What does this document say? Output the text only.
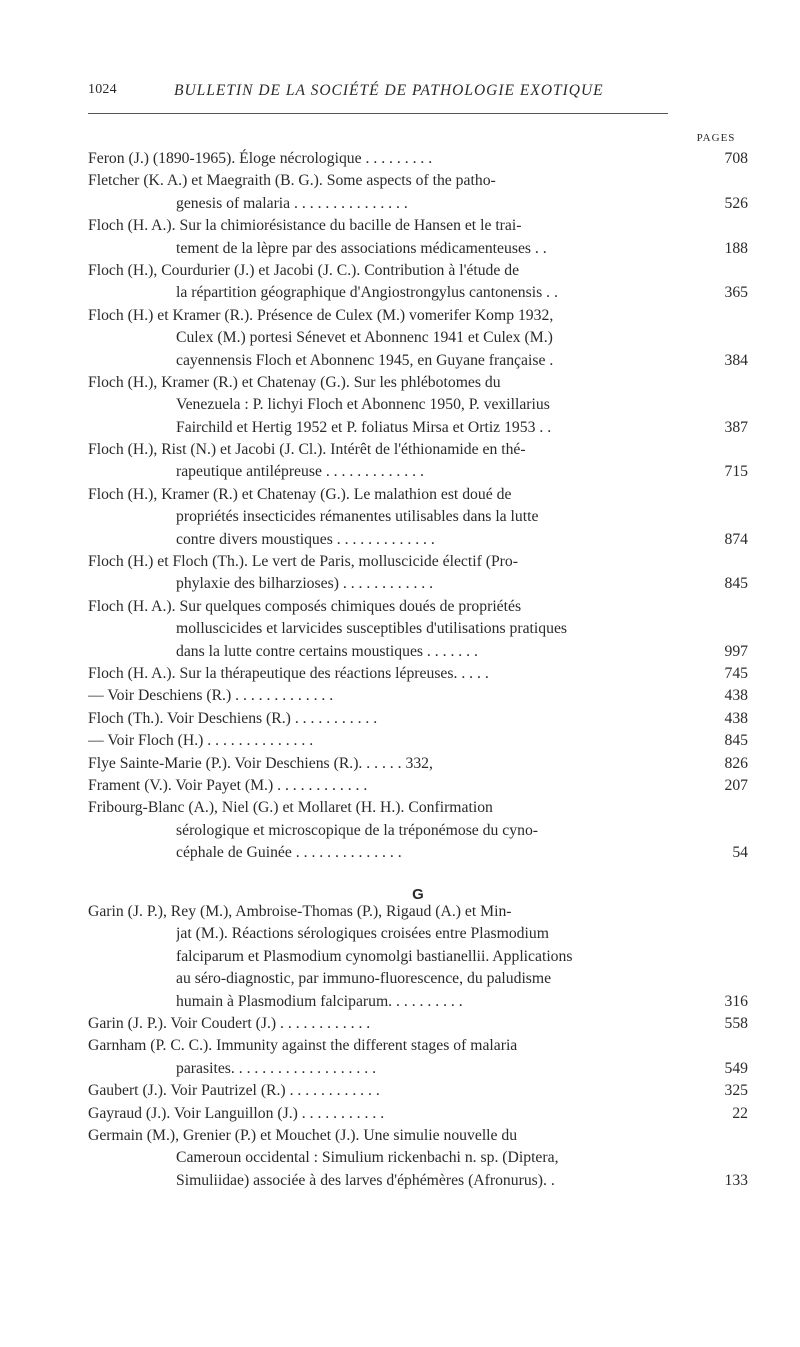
1024	BULLETIN DE LA SOCIÉTÉ DE PATHOLOGIE EXOTIQUE
PAGES
Feron (J.) (1890-1965). Éloge nécrologique . . . . . . . . .	708
Fletcher (K. A.) et Maegraith (B. G.). Some aspects of the patho-
genesis of malaria . . . . . . . . . . . . . . .	526
Floch (H. A.). Sur la chimiorésistance du bacille de Hansen et le trai-
tement de la lèpre par des associations médicamenteuses . .	188
Floch (H.), Courdurier (J.) et Jacobi (J. C.). Contribution à l'étude de
la répartition géographique d'Angiostrongylus cantonensis . .	365
Floch (H.) et Kramer (R.). Présence de Culex (M.) vomerifer Komp 1932,
Culex (M.) portesi Sénevet et Abonnenc 1941 et Culex (M.)
cayennensis Floch et Abonnenc 1945, en Guyane française .	384
Floch (H.), Kramer (R.) et Chatenay (G.). Sur les phlébotomes du
Venezuela : P. lichyi Floch et Abonnenc 1950, P. vexillarius
Fairchild et Hertig 1952 et P. foliatus Mirsa et Ortiz 1953 . .	387
Floch (H.), Rist (N.) et Jacobi (J. Cl.). Intérêt de l'éthionamide en thé-
rapeutique antilépreuse . . . . . . . . . . . . .	715
Floch (H.), Kramer (R.) et Chatenay (G.). Le malathion est doué de
propriétés insecticides rémanentes utilisables dans la lutte
contre divers moustiques . . . . . . . . . . . . .	874
Floch (H.) et Floch (Th.). Le vert de Paris, molluscicide électif (Pro-
phylaxie des bilharzioses) . . . . . . . . . . . .	845
Floch (H. A.). Sur quelques composés chimiques doués de propriétés
molluscicides et larvicides susceptibles d'utilisations pratiques
dans la lutte contre certains moustiques . . . . . . .	997
Floch (H. A.). Sur la thérapeutique des réactions lépreuses. . . . .	745
— Voir Deschiens (R.) . . . . . . . . . . . . .	438
Floch (Th.). Voir Deschiens (R.) . . . . . . . . . . .	438
— Voir Floch (H.) . . . . . . . . . . . . . .	845
Flye Sainte-Marie (P.). Voir Deschiens (R.). . . . . . 332,	826
Frament (V.). Voir Payet (M.) . . . . . . . . . . . .	207
Fribourg-Blanc (A.), Niel (G.) et Mollaret (H. H.). Confirmation
sérologique et microscopique de la tréponémose du cyno-
céphale de Guinée . . . . . . . . . . . . . .	54
G
Garin (J. P.), Rey (M.), Ambroise-Thomas (P.), Rigaud (A.) et Min-
jat (M.). Réactions sérologiques croisées entre Plasmodium
falciparum et Plasmodium cynomolgi bastianellii. Applications
au séro-diagnostic, par immuno-fluorescence, du paludisme
humain à Plasmodium falciparum. . . . . . . . . .	316
Garin (J. P.). Voir Coudert (J.) . . . . . . . . . . . .	558
Garnham (P. C. C.). Immunity against the different stages of malaria
parasites. . . . . . . . . . . . . . . . . . .	549
Gaubert (J.). Voir Pautrizel (R.) . . . . . . . . . . . .	325
Gayraud (J.). Voir Languillon (J.) . . . . . . . . . . .	22
Germain (M.), Grenier (P.) et Mouchet (J.). Une simulie nouvelle du
Cameroun occidental : Simulium rickenbachi n. sp. (Diptera,
Simuliidae) associée à des larves d'éphémères (Afronurus). .	133
